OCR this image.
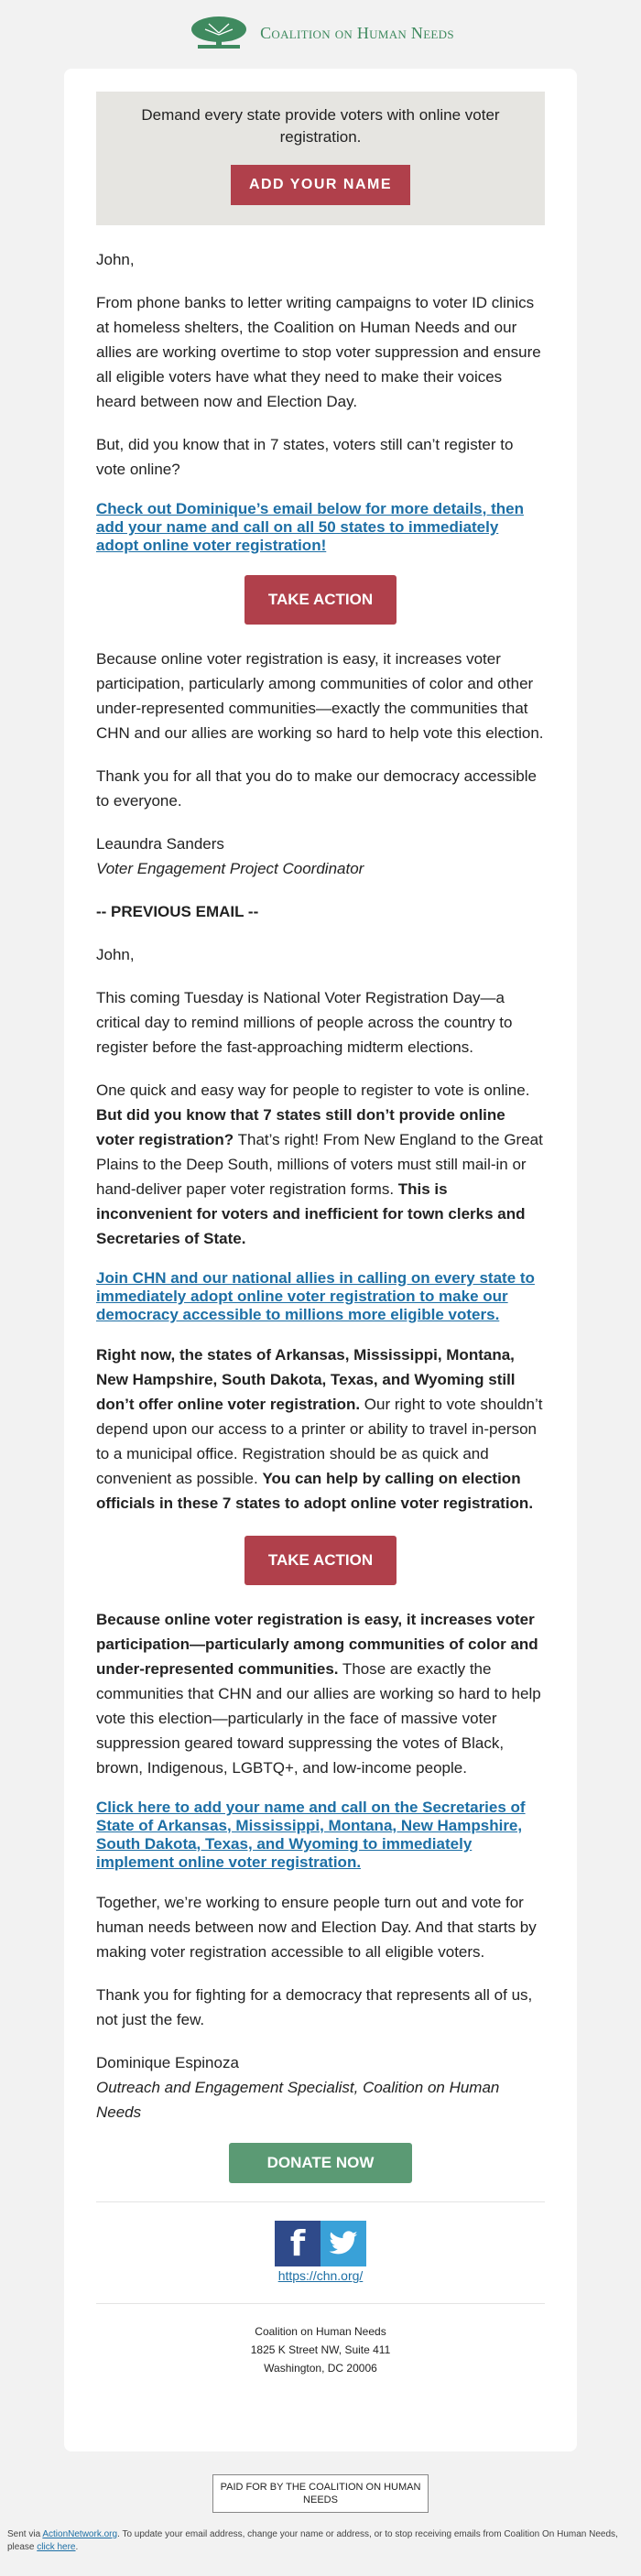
Coalition on Human Needs
Demand every state provide voters with online voter registration.
ADD YOUR NAME

John,

From phone banks to letter writing campaigns to voter ID clinics at homeless shelters, the Coalition on Human Needs and our allies are working overtime to stop voter suppression and ensure all eligible voters have what they need to make their voices heard between now and Election Day.

But, did you know that in 7 states, voters still can’t register to vote online?

Check out Dominique’s email below for more details, then add your name and call on all 50 states to immediately adopt online voter registration!

TAKE ACTION

Because online voter registration is easy, it increases voter participation, particularly among communities of color and other under-represented communities—exactly the communities that CHN and our allies are working so hard to help vote this election.

Thank you for all that you do to make our democracy accessible to everyone.

Leaundra Sanders

Voter Engagement Project Coordinator

-- PREVIOUS EMAIL --

John,

This coming Tuesday is National Voter Registration Day—a critical day to remind millions of people across the country to register before the fast-approaching midterm elections.

One quick and easy way for people to register to vote is online. But did you know that 7 states still don’t provide online voter registration? That’s right! From New England to the Great Plains to the Deep South, millions of voters must still mail-in or hand-deliver paper voter registration forms. This is inconvenient for voters and inefficient for town clerks and Secretaries of State.

Join CHN and our national allies in calling on every state to immediately adopt online voter registration to make our democracy accessible to millions more eligible voters.

Right now, the states of Arkansas, Mississippi, Montana, New Hampshire, South Dakota, Texas, and Wyoming still don’t offer online voter registration. Our right to vote shouldn’t depend upon our access to a printer or ability to travel in-person to a municipal office. Registration should be as quick and convenient as possible. You can help by calling on election officials in these 7 states to adopt online voter registration.

TAKE ACTION

Because online voter registration is easy, it increases voter participation—particularly among communities of color and under-represented communities. Those are exactly the communities that CHN and our allies are working so hard to help vote this election—particularly in the face of massive voter suppression geared toward suppressing the votes of Black, brown, Indigenous, LGBTQ+, and low-income people.

Click here to add your name and call on the Secretaries of State of Arkansas, Mississippi, Montana, New Hampshire, South Dakota, Texas, and Wyoming to immediately implement online voter registration.

Together, we’re working to ensure people turn out and vote for human needs between now and Election Day. And that starts by making voter registration accessible to all eligible voters.

Thank you for fighting for a democracy that represents all of us, not just the few.

Dominique Espinoza

Outreach and Engagement Specialist, Coalition on Human Needs

DONATE NOW
f
https://chn.org/
Coalition on Human Needs
1825 K Street NW, Suite 411
Washington, DC 20006
PAID FOR BY THE COALITION ON HUMAN NEEDS
Sent via ActionNetwork.org. To update your email address, change your name or address, or to stop receiving emails from Coalition On Human Needs, please click here.
